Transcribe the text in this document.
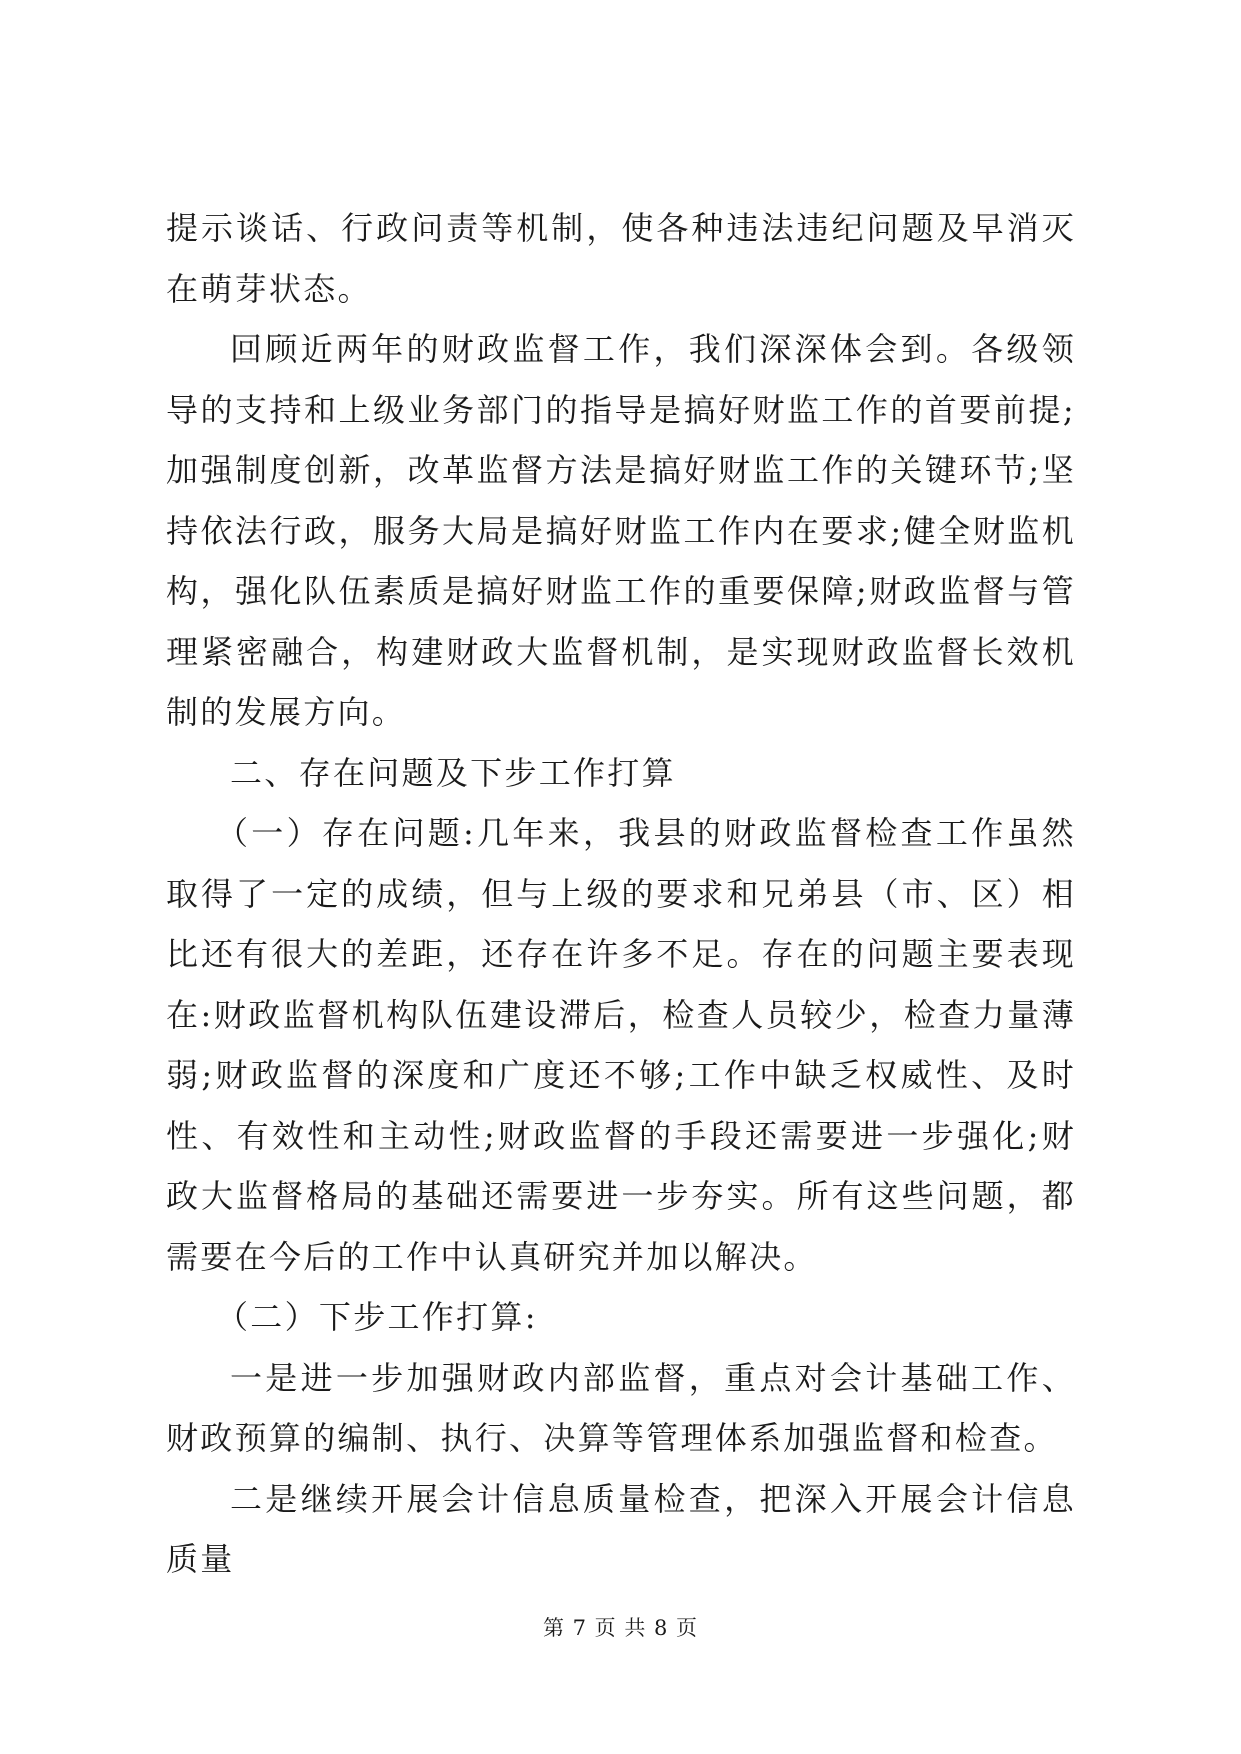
提示谈话、行政问责等机制，使各种违法违纪问题及早消灭在萌芽状态。

回顾近两年的财政监督工作，我们深深体会到。各级领导的支持和上级业务部门的指导是搞好财监工作的首要前提;加强制度创新，改革监督方法是搞好财监工作的关键环节;坚持依法行政，服务大局是搞好财监工作内在要求;健全财监机构，强化队伍素质是搞好财监工作的重要保障;财政监督与管理紧密融合，构建财政大监督机制，是实现财政监督长效机制的发展方向。

二、存在问题及下步工作打算

（一）存在问题:几年来，我县的财政监督检查工作虽然取得了一定的成绩，但与上级的要求和兄弟县（市、区）相比还有很大的差距，还存在许多不足。存在的问题主要表现在:财政监督机构队伍建设滞后，检查人员较少，检查力量薄弱;财政监督的深度和广度还不够;工作中缺乏权威性、及时性、有效性和主动性;财政监督的手段还需要进一步强化;财政大监督格局的基础还需要进一步夯实。所有这些问题，都需要在今后的工作中认真研究并加以解决。

（二）下步工作打算:

一是进一步加强财政内部监督，重点对会计基础工作、财政预算的编制、执行、决算等管理体系加强监督和检查。

二是继续开展会计信息质量检查，把深入开展会计信息质量

第 7 页 共 8 页
